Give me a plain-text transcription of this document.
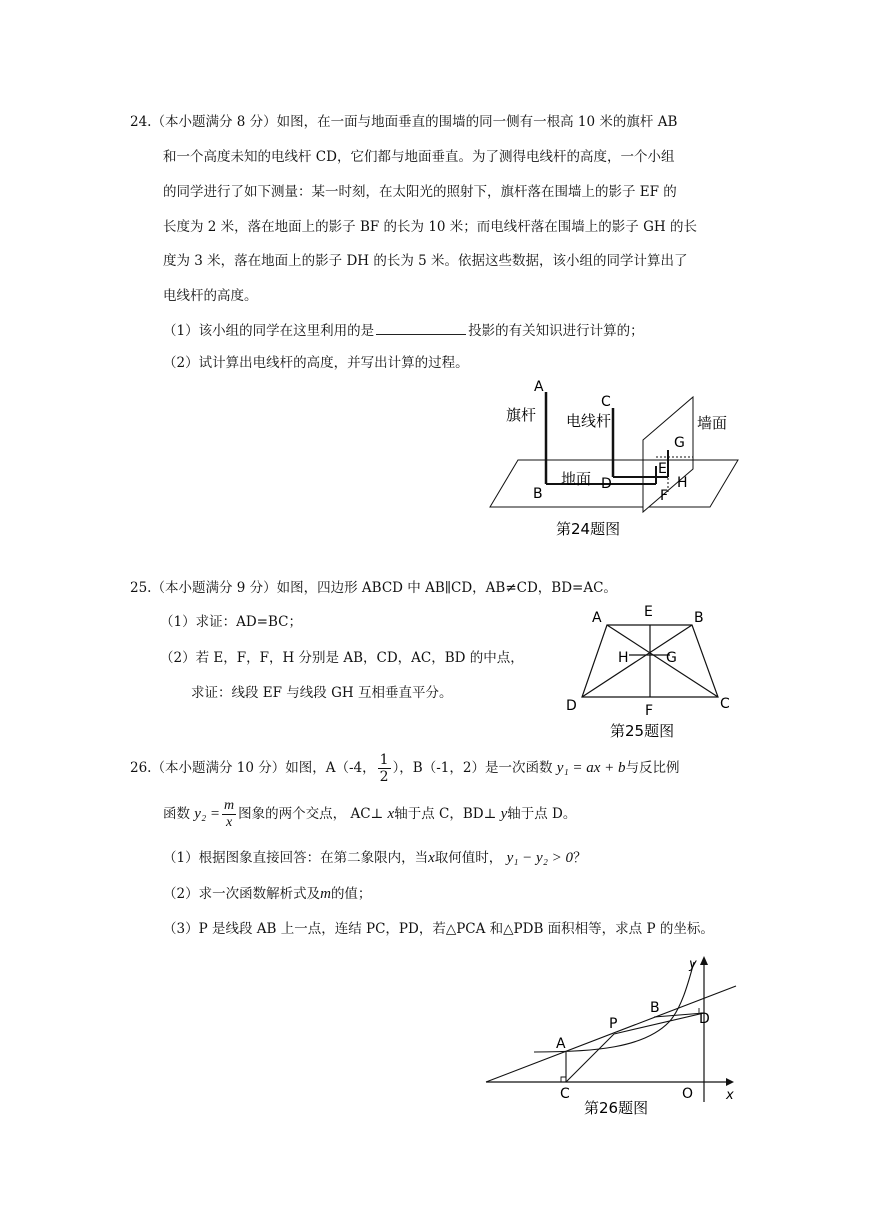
24.（本小题满分 8 分）如图，在一面与地面垂直的围墙的同一侧有一根高 10 米的旗杆 AB
和一个高度未知的电线杆 CD，它们都与地面垂直。为了测得电线杆的高度，一个小组
的同学进行了如下测量：某一时刻，在太阳光的照射下，旗杆落在围墙上的影子 EF 的
长度为 2 米，落在地面上的影子 BF 的长为 10 米；而电线杆落在围墙上的影子 GH 的长
度为 3 米，落在地面上的影子 DH 的长为 5 米。依据这些数据，该小组的同学计算出了
电线杆的高度。
（1）该小组的同学在这里利用的是	投影的有关知识进行计算的；
（2）试计算出电线杆的高度，并写出计算的过程。
旗杆 电线杆	墙面
地面
A
B
C
D
E
F
G
H
第24题图
25.（本小题满分 9 分）如图，四边形 ABCD 中 AB∥CD，AB≠CD，BD=AC。
（1）求证：AD=BC；
（2）若 E，F，F，H 分别是 AB，CD，AC，BD 的中点，
求证：线段 EF 与线段 GH 互相垂直平分。
A	E	B
H	G
D	F	C
第25题图
26.（本小题满分 10 分）如图，A（-4， $\frac{1}{2}$ ），B（-1，2）是一次函数 y₁ = ax + b与反比例
函数 $y_2 = \frac{m}{x}$ 图象的两个交点， AC⊥ x轴于点 C，BD⊥ y轴于点 D。
（1）根据图象直接回答：在第二象限内，当x取何值时， y₁ − y₂ > 0？
（2）求一次函数解析式及m的值；
（3）P 是线段 AB 上一点，连结 PC，PD，若△PCA 和△PDB 面积相等，求点 P 的坐标。
y
x
A
P
B
D
C	O
第26题图
